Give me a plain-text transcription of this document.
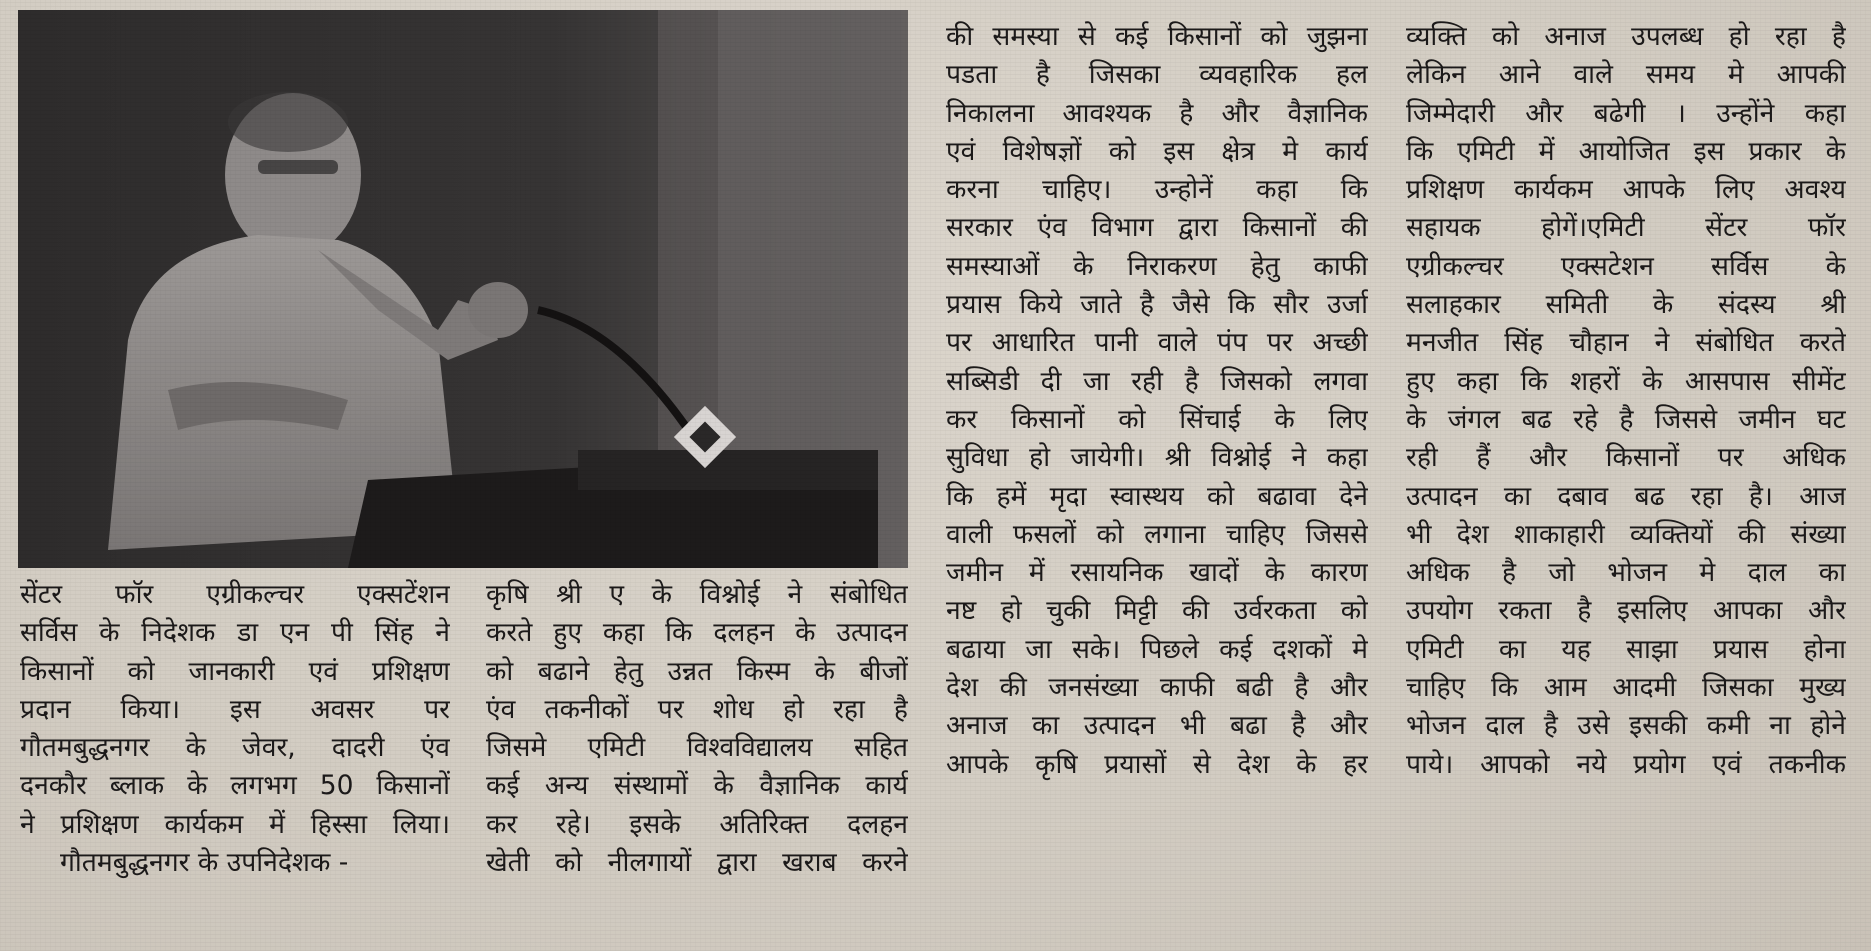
सेंटर फॉर एग्रीकल्चर एक्सटेंशन
सर्विस के निदेशक डा एन पी सिंह ने
किसानों को जानकारी एवं प्रशिक्षण
प्रदान किया। इस अवसर पर
गौतमबुद्धनगर के जेवर, दादरी एंव
दनकौर ब्लाक के लगभग 50 किसानों
ने प्रशिक्षण कार्यकम में हिस्सा लिया।
गौतमबुद्धनगर के उपनिदेशक -
कृषि श्री ए के विश्नोई ने संबोधित
करते हुए कहा कि दलहन के उत्पादन
को बढाने हेतु उन्नत किस्म के बीजों
एंव तकनीकों पर शोध हो रहा है
जिसमे एमिटी विश्वविद्यालय सहित
कई अन्य संस्थामों के वैज्ञानिक कार्य
कर रहे। इसके अतिरिक्त दलहन
खेती को नीलगायों द्वारा खराब करने
की समस्या से कई किसानों को जुझना
पडता है जिसका व्यवहारिक हल
निकालना आवश्यक है और वैज्ञानिक
एवं विशेषज्ञों को इस क्षेत्र मे कार्य
करना चाहिए। उन्होनें कहा कि
सरकार एंव विभाग द्वारा किसानों की
समस्याओं के निराकरण हेतु काफी
प्रयास किये जाते है जैसे कि सौर उर्जा
पर आधारित पानी वाले पंप पर अच्छी
सब्सिडी दी जा रही है जिसको लगवा
कर किसानों को सिंचाई के लिए
सुविधा हो जायेगी। श्री विश्नोई ने कहा
कि हमें मृदा स्वास्थय को बढावा देने
वाली फसलों को लगाना चाहिए जिससे
जमीन में रसायनिक खादों के कारण
नष्ट हो चुकी मिट्टी की उर्वरकता को
बढाया जा सके। पिछले कई दशकों मे
देश की जनसंख्या काफी बढी है और
अनाज का उत्पादन भी बढा है और
आपके कृषि प्रयासों से देश के हर
व्यक्ति को अनाज उपलब्ध हो रहा है
लेकिन आने वाले समय मे आपकी
जिम्मेदारी और बढेगी । उन्होंने कहा
कि एमिटी में आयोजित इस प्रकार के
प्रशिक्षण कार्यकम आपके लिए अवश्य
सहायक होगें।एमिटी सेंटर फॉर
एग्रीकल्चर एक्सटेशन सर्विस के
सलाहकार समिती के संदस्य श्री
मनजीत सिंह चौहान ने संबोधित करते
हुए कहा कि शहरों के आसपास सीमेंट
के जंगल बढ रहे है जिससे जमीन घट
रही हैं और किसानों पर अधिक
उत्पादन का दबाव बढ रहा है। आज
भी देश शाकाहारी व्यक्तियों की संख्या
अधिक है जो भोजन मे दाल का
उपयोग रकता है इसलिए आपका और
एमिटी का यह साझा प्रयास होना
चाहिए कि आम आदमी जिसका मुख्य
भोजन दाल है उसे इसकी कमी ना होने
पाये। आपको नये प्रयोग एवं तकनीक
